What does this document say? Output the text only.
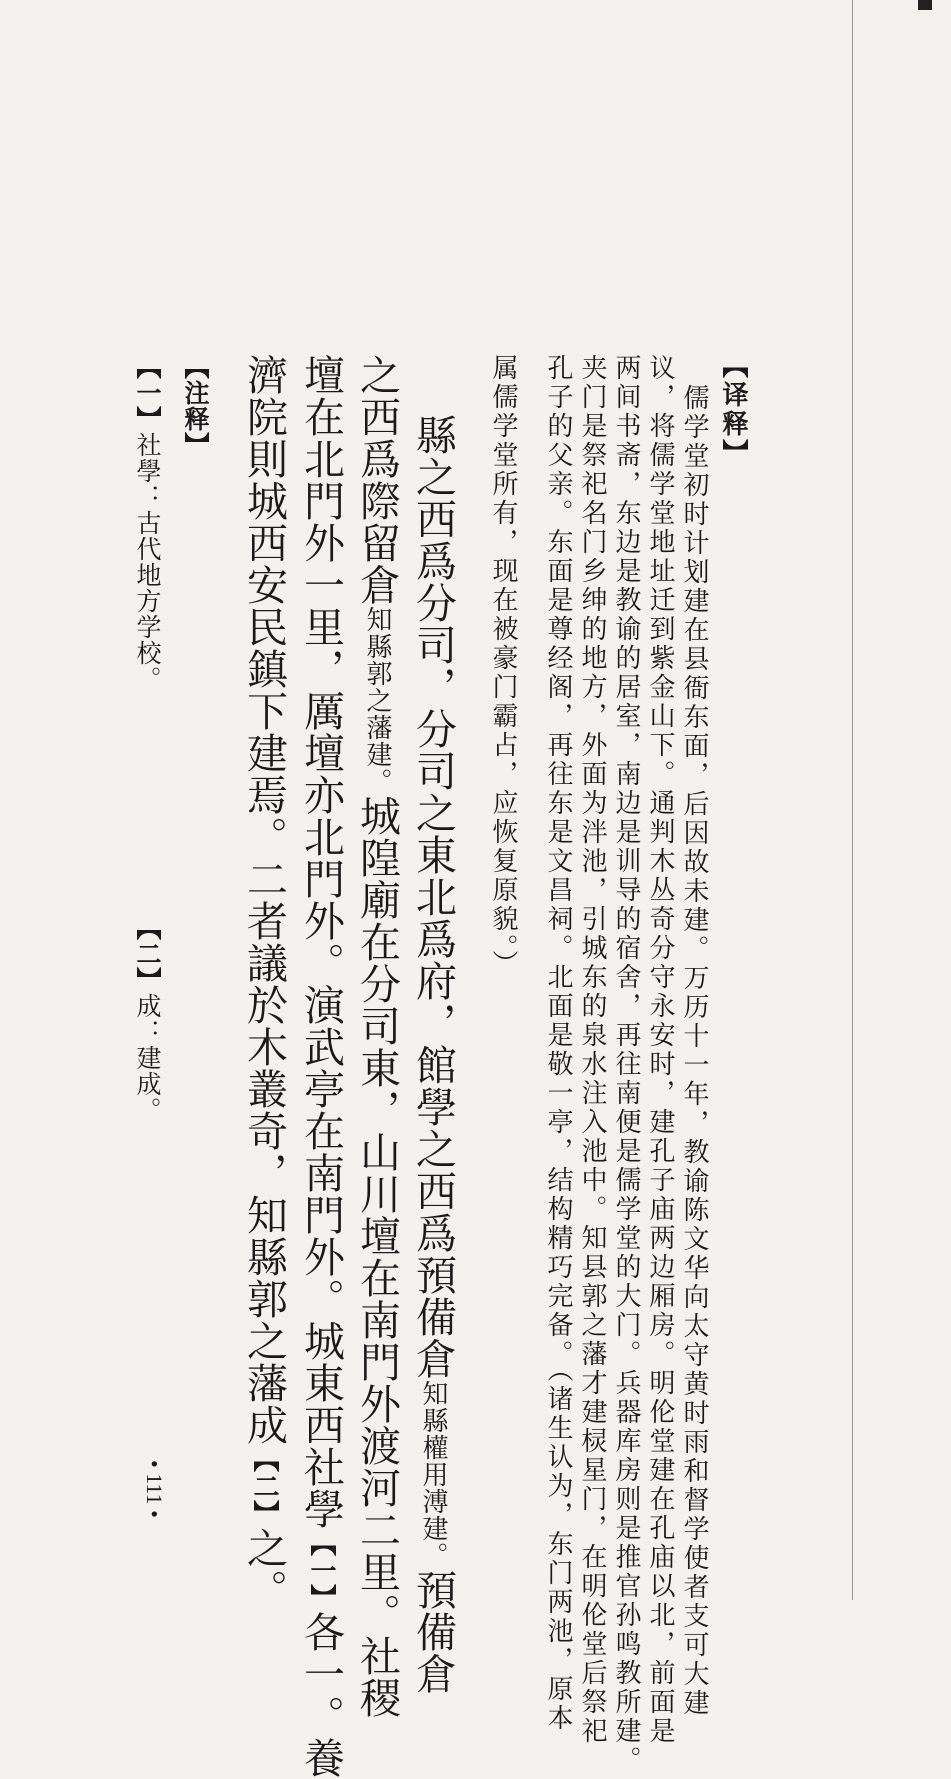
【译释】
儒学堂初时计划建在县衙东面，后因故未建。万历十一年，教谕陈文华向太守黄时雨和督学使者支可大建
议，将儒学堂地址迁到紫金山下。通判木丛奇分守永安时，建孔子庙两边厢房。明伦堂建在孔庙以北，前面是
两间书斋，东边是教谕的居室，南边是训导的宿舍，再往南便是儒学堂的大门。兵器库房则是推官孙鸣教所建。
夹门是祭祀名门乡绅的地方，外面为泮池，引城东的泉水注入池中。知县郭之藩才建棂星门，在明伦堂后祭祀
孔子的父亲。东面是尊经阁，再往东是文昌祠。北面是敬一亭，结构精巧完备。（诸生认为，东门两池，原本
属儒学堂所有，现在被豪门霸占，应恢复原貌。）
縣之西爲分司，分司之東北爲府，館學之西爲預備倉知縣權用溥建。預備倉
之西爲際留倉知縣郭之藩建。城隍廟在分司東，山川壇在南門外渡河二里。社稷
壇在北門外一里，厲壇亦北門外。演武亭在南門外。城東西社學【一】各一。養
濟院則城西安民鎮下建焉。二者議於木叢奇，知縣郭之藩成【二】之。
【注释】
【一】社學：古代地方学校。
【二】成：建成。
• 111 •
